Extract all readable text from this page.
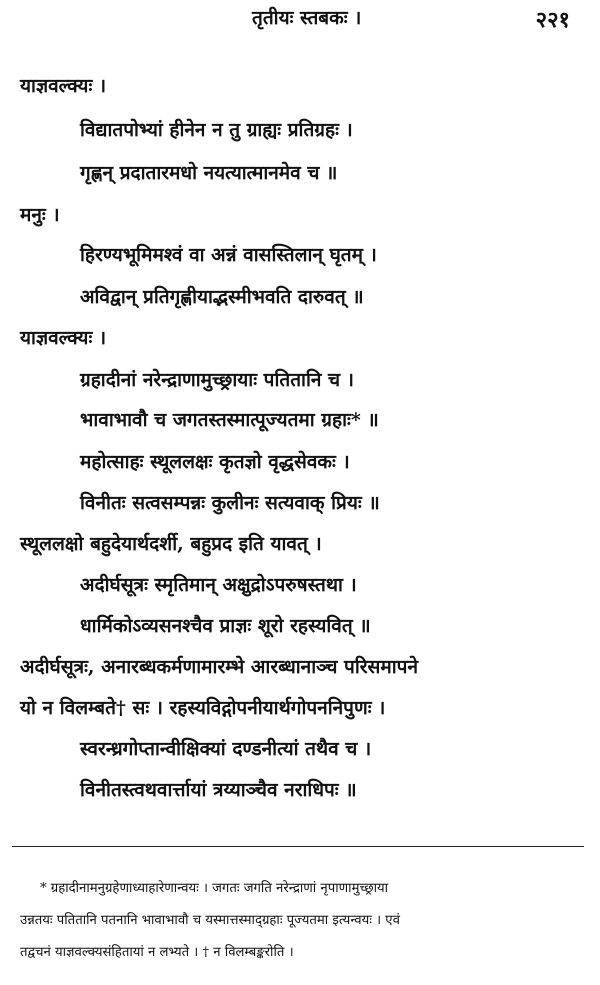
तृतीयः स्तबकः ।	२२१
याज्ञवल्क्यः ।
विद्यातपोभ्यां हीनेन न तु ग्राह्यः प्रतिग्रहः ।
गृह्णन् प्रदातारमधो नयत्यात्मानमेव च ॥
मनुः ।
हिरण्यभूमिमश्वं वा अन्नं वासस्तिलान् घृतम् ।
अविद्वान् प्रतिगृह्णीयाद्भस्मीभवति दारुवत् ॥
याज्ञवल्क्यः ।
ग्रहादीनां नरेन्द्राणामुच्छ्रायाः पतितानि च ।
भावाभावौ च जगतस्तस्मात्पूज्यतमा ग्रहाः* ॥
महोत्साहः स्थूललक्षः कृतज्ञो वृद्धसेवकः ।
विनीतः सत्वसम्पन्नः कुलीनः सत्यवाक् प्रियः ॥
स्थूललक्षो बहुदेयार्थदर्शी, बहुप्रद इति यावत् ।
अदीर्घसूत्रः स्मृतिमान् अक्षुद्रोऽपरुषस्तथा ।
धार्मिकोऽव्यसनश्चैव प्राज्ञः शूरो रहस्यवित् ॥
अदीर्घसूत्रः, अनारब्धकर्मणामारम्भे आरब्धानाञ्च परिसमापने
यो न विलम्बते† सः । रहस्यविद्गोपनीयार्थगोपननिपुणः ।
स्वरन्ध्रगोप्तान्वीक्षिक्यां दण्डनीत्यां तथैव च ।
विनीतस्त्वथवार्त्तायां त्रय्याञ्चैव नराधिपः ॥
* ग्रहादीनामनुग्रहेणाध्याहारेणान्वयः । जगतः जगति नरेन्द्राणां नृपाणामुच्छ्राया
उन्नतयः पतितानि पतनानि भावाभावौ च यस्मात्तस्माद्ग्रहाः पूज्यतमा इत्यन्वयः । एवं
तद्वचनं याज्ञवल्क्यसंहितायां न लभ्यते । † न विलम्बङ्करोति ।
